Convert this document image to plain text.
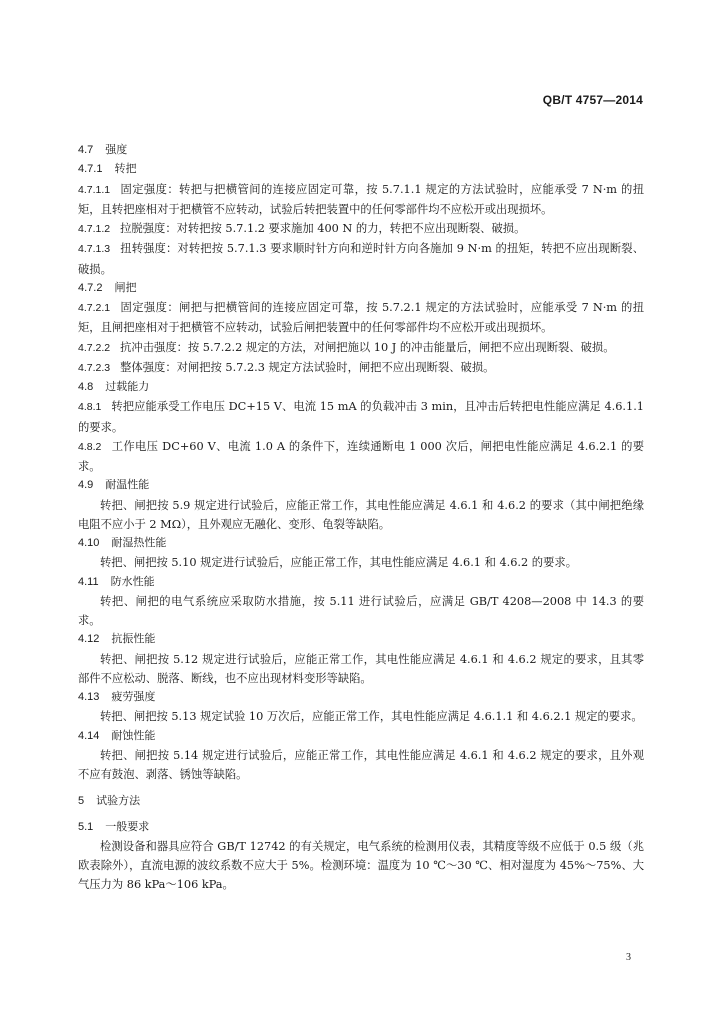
QB/T 4757—2014
4.7 强度
4.7.1 转把

4.7.1.1 固定强度：转把与把横管间的连接应固定可靠，按 5.7.1.1 规定的方法试验时，应能承受 7 N·m 的扭矩，且转把座相对于把横管不应转动，试验后转把装置中的任何零部件均不应松开或出现损坏。

4.7.1.2 拉脱强度：对转把按 5.7.1.2 要求施加 400 N 的力，转把不应出现断裂、破损。

4.7.1.3 扭转强度：对转把按 5.7.1.3 要求顺时针方向和逆时针方向各施加 9 N·m 的扭矩，转把不应出现断裂、破损。

4.7.2 闸把

4.7.2.1 固定强度：闸把与把横管间的连接应固定可靠，按 5.7.2.1 规定的方法试验时，应能承受 7 N·m 的扭矩，且闸把座相对于把横管不应转动，试验后闸把装置中的任何零部件均不应松开或出现损坏。

4.7.2.2 抗冲击强度：按 5.7.2.2 规定的方法，对闸把施以 10 J 的冲击能量后，闸把不应出现断裂、破损。

4.7.2.3 整体强度：对闸把按 5.7.2.3 规定方法试验时，闸把不应出现断裂、破损。

4.8 过载能力

4.8.1 转把应能承受工作电压 DC+15 V、电流 15 mA 的负载冲击 3 min，且冲击后转把电性能应满足 4.6.1.1 的要求。

4.8.2 工作电压 DC+60 V、电流 1.0 A 的条件下，连续通断电 1 000 次后，闸把电性能应满足 4.6.2.1 的要求。

4.9 耐温性能

转把、闸把按 5.9 规定进行试验后，应能正常工作，其电性能应满足 4.6.1 和 4.6.2 的要求（其中闸把绝缘电阻不应小于 2 MΩ），且外观应无融化、变形、龟裂等缺陷。

4.10 耐湿热性能

转把、闸把按 5.10 规定进行试验后，应能正常工作，其电性能应满足 4.6.1 和 4.6.2 的要求。

4.11 防水性能

转把、闸把的电气系统应采取防水措施，按 5.11 进行试验后，应满足 GB/T 4208—2008 中 14.3 的要求。

4.12 抗振性能

转把、闸把按 5.12 规定进行试验后，应能正常工作，其电性能应满足 4.6.1 和 4.6.2 规定的要求，且其零部件不应松动、脱落、断线，也不应出现材料变形等缺陷。

4.13 疲劳强度

转把、闸把按 5.13 规定试验 10 万次后，应能正常工作，其电性能应满足 4.6.1.1 和 4.6.2.1 规定的要求。

4.14 耐蚀性能

转把、闸把按 5.14 规定进行试验后，应能正常工作，其电性能应满足 4.6.1 和 4.6.2 规定的要求，且外观不应有鼓泡、剥落、锈蚀等缺陷。

5 试验方法
5.1 一般要求

检测设备和器具应符合 GB/T 12742 的有关规定，电气系统的检测用仪表，其精度等级不应低于 0.5 级（兆欧表除外），直流电源的波纹系数不应大于 5%。检测环境：温度为 10 ℃～30 ℃、相对湿度为 45%～75%、大气压力为 86 kPa～106 kPa。

3
